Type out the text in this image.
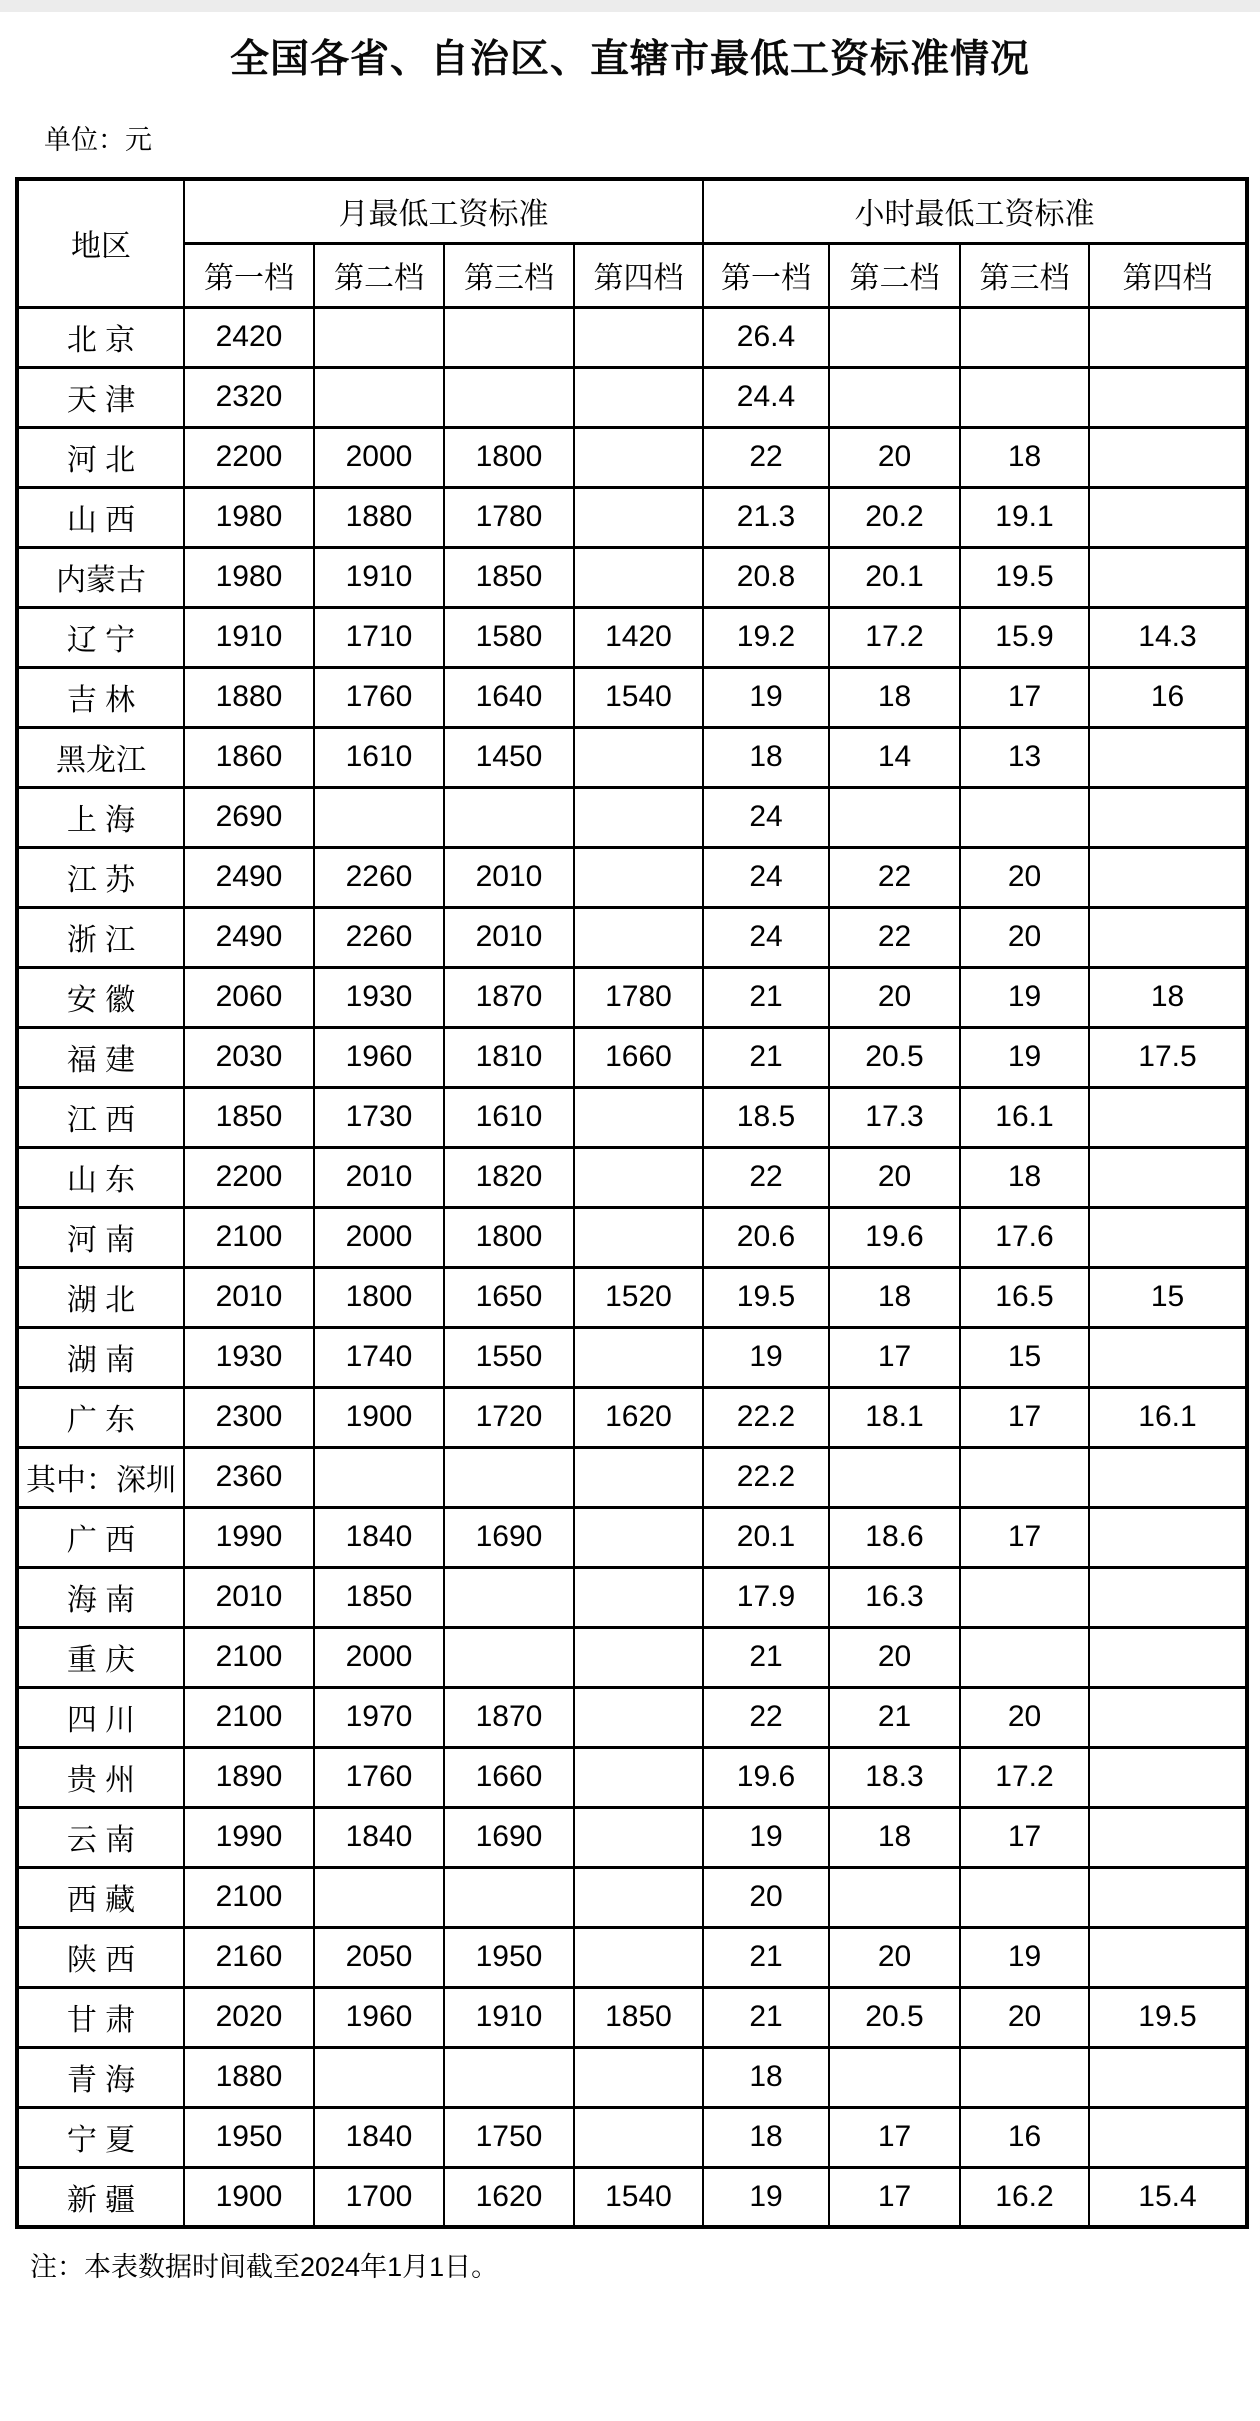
全国各省、自治区、直辖市最低工资标准情况
单位：元
地区	月最低工资标准				小时最低工资标准			
	第一档	第二档	第三档	第四档	第一档	第二档	第三档	第四档
北 京	2420				26.4			
天 津	2320				24.4			
河 北	2200	2000	1800		22	20	18	
山 西	1980	1880	1780		21.3	20.2	19.1	
内蒙古	1980	1910	1850		20.8	20.1	19.5	
辽 宁	1910	1710	1580	1420	19.2	17.2	15.9	14.3
吉 林	1880	1760	1640	1540	19	18	17	16
黑龙江	1860	1610	1450		18	14	13	
上 海	2690				24			
江 苏	2490	2260	2010		24	22	20	
浙 江	2490	2260	2010		24	22	20	
安 徽	2060	1930	1870	1780	21	20	19	18
福 建	2030	1960	1810	1660	21	20.5	19	17.5
江 西	1850	1730	1610		18.5	17.3	16.1	
山 东	2200	2010	1820		22	20	18	
河 南	2100	2000	1800		20.6	19.6	17.6	
湖 北	2010	1800	1650	1520	19.5	18	16.5	15
湖 南	1930	1740	1550		19	17	15	
广 东	2300	1900	1720	1620	22.2	18.1	17	16.1
其中：深圳	2360				22.2			
广 西	1990	1840	1690		20.1	18.6	17	
海 南	2010	1850			17.9	16.3		
重 庆	2100	2000			21	20		
四 川	2100	1970	1870		22	21	20	
贵 州	1890	1760	1660		19.6	18.3	17.2	
云 南	1990	1840	1690		19	18	17	
西 藏	2100				20			
陕 西	2160	2050	1950		21	20	19	
甘 肃	2020	1960	1910	1850	21	20.5	20	19.5
青 海	1880				18			
宁 夏	1950	1840	1750		18	17	16	
新 疆	1900	1700	1620	1540	19	17	16.2	15.4
注：本表数据时间截至2024年1月1日。
